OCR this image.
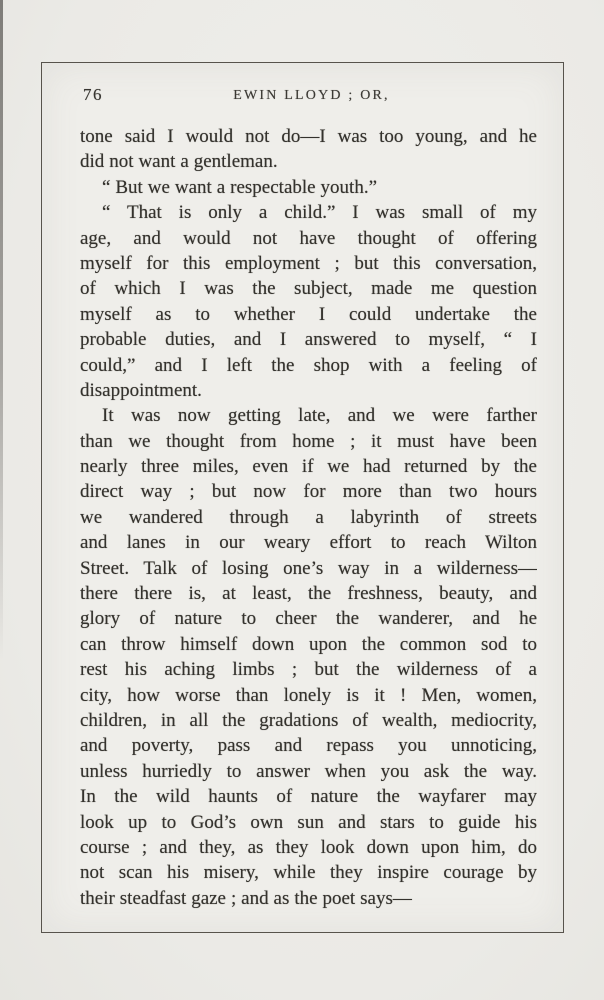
76	EWIN LLOYD ; OR,
tone said I would not do—I was too young, and he
did not want a gentleman.
“ But we want a respectable youth.”
“ That is only a child.” I was small of my
age, and would not have thought of offering
myself for this employment ; but this conversation,
of which I was the subject, made me question
myself as to whether I could undertake the
probable duties, and I answered to myself, “ I
could,” and I left the shop with a feeling of
disappointment.
It was now getting late, and we were farther
than we thought from home ; it must have been
nearly three miles, even if we had returned by the
direct way ; but now for more than two hours
we wandered through a labyrinth of streets
and lanes in our weary effort to reach Wilton
Street. Talk of losing one’s way in a wilderness—
there there is, at least, the freshness, beauty, and
glory of nature to cheer the wanderer, and he
can throw himself down upon the common sod to
rest his aching limbs ; but the wilderness of a
city, how worse than lonely is it ! Men, women,
children, in all the gradations of wealth, mediocrity,
and poverty, pass and repass you unnoticing,
unless hurriedly to answer when you ask the way.
In the wild haunts of nature the wayfarer may
look up to God’s own sun and stars to guide his
course ; and they, as they look down upon him, do
not scan his misery, while they inspire courage by
their steadfast gaze ; and as the poet says—
